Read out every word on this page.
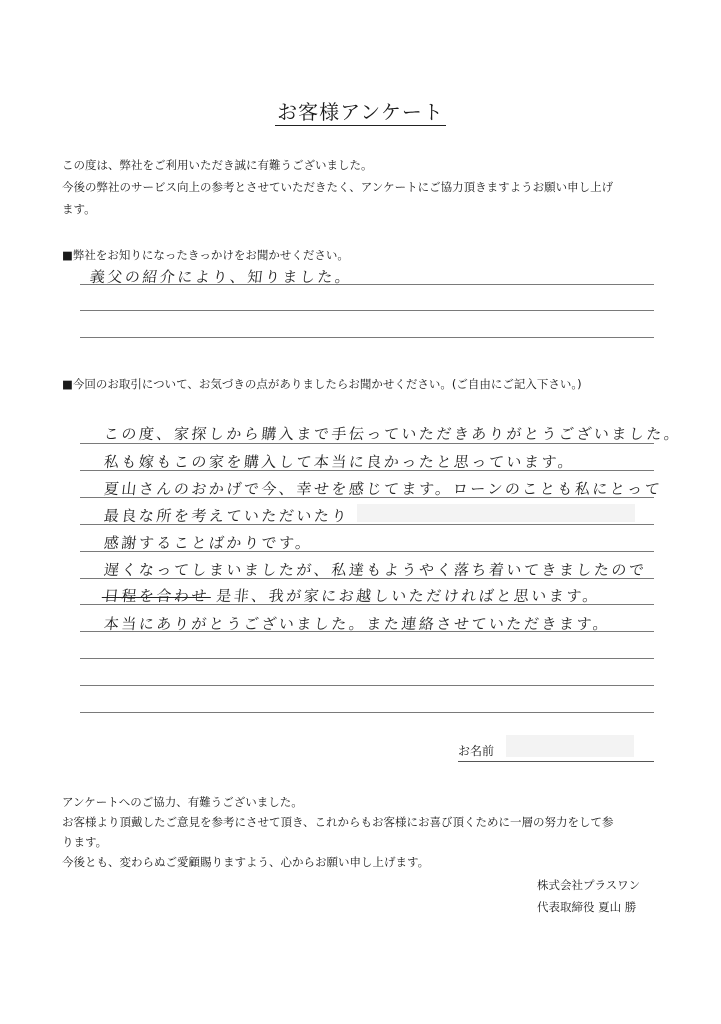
お客様アンケート
この度は、弊社をご利用いただき誠に有難うございました。
今後の弊社のサービス向上の参考とさせていただきたく、アンケートにご協力頂きますようお願い申し上げ
ます。
■弊社をお知りになったきっかけをお聞かせください。
義父の紹介により、知りました。
■今回のお取引について、お気づきの点がありましたらお聞かせください。(ご自由にご記入下さい。)
この度、家探しから購入まで手伝っていただきありがとうございました。
私も嫁もこの家を購入して本当に良かったと思っています。
夏山さんのおかげで今、幸せを感じてます。ローンのことも私にとって
最良な所を考えていただいたり
感謝することばかりです。
遅くなってしまいましたが、私達もようやく落ち着いてきましたので
日程を合わせ 是非、我が家にお越しいただければと思います。
本当にありがとうございました。また連絡させていただきます。
お名前
アンケートへのご協力、有難うございました。
お客様より頂戴したご意見を参考にさせて頂き、これからもお客様にお喜び頂くために一層の努力をして参
ります。
今後とも、変わらぬご愛顧賜りますよう、心からお願い申し上げます。
株式会社プラスワン
代表取締役 夏山 勝
